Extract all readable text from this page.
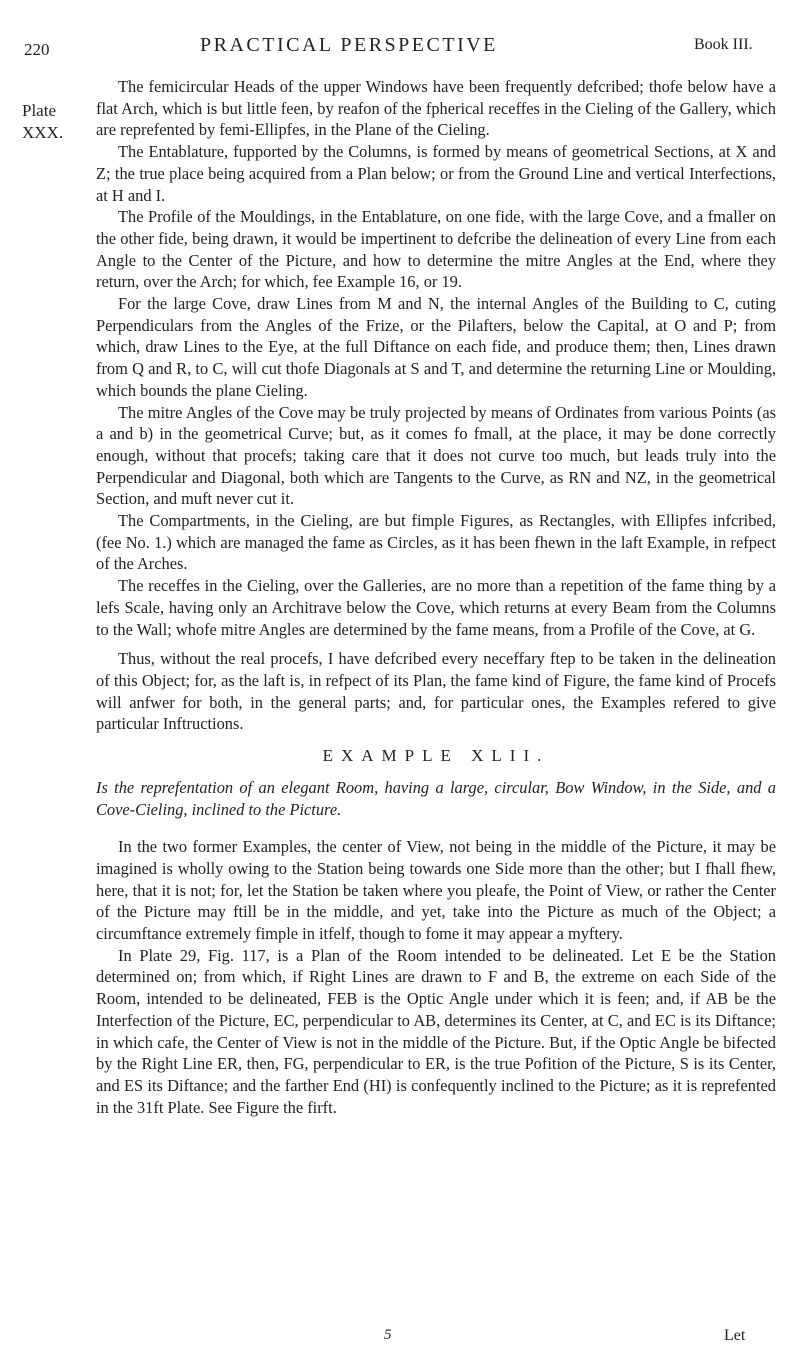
220
Plate
XXX.
PRACTICAL PERSPECTIVE	Book III.

The femicircular Heads of the upper Windows have been frequently defcribed; thofe below have a flat Arch, which is but little feen, by reafon of the fpherical receffes in the Cieling of the Gallery, which are reprefented by femi-Ellipfes, in the Plane of the Cieling.

The Entablature, fupported by the Columns, is formed by means of geometrical Sections, at X and Z; the true place being acquired from a Plan below; or from the Ground Line and vertical Interfections, at H and I.

The Profile of the Mouldings, in the Entablature, on one fide, with the large Cove, and a fmaller on the other fide, being drawn, it would be impertinent to defcribe the delineation of every Line from each Angle to the Center of the Picture, and how to determine the mitre Angles at the End, where they return, over the Arch; for which, fee Example 16, or 19.

For the large Cove, draw Lines from M and N, the internal Angles of the Building to C, cuting Perpendiculars from the Angles of the Frize, or the Pilafters, below the Capital, at O and P; from which, draw Lines to the Eye, at the full Diftance on each fide, and produce them; then, Lines drawn from Q and R, to C, will cut thofe Diagonals at S and T, and determine the returning Line or Moulding, which bounds the plane Cieling.

The mitre Angles of the Cove may be truly projected by means of Ordinates from various Points (as a and b) in the geometrical Curve; but, as it comes fo fmall, at the place, it may be done correctly enough, without that procefs; taking care that it does not curve too much, but leads truly into the Perpendicular and Diagonal, both which are Tangents to the Curve, as RN and NZ, in the geometrical Section, and muft never cut it.

The Compartments, in the Cieling, are but fimple Figures, as Rectangles, with Ellipfes infcribed, (fee No. 1.) which are managed the fame as Circles, as it has been fhewn in the laft Example, in refpect of the Arches.

The receffes in the Cieling, over the Galleries, are no more than a repetition of the fame thing by a lefs Scale, having only an Architrave below the Cove, which returns at every Beam from the Columns to the Wall; whofe mitre Angles are determined by the fame means, from a Profile of the Cove, at G.

Thus, without the real procefs, I have defcribed every neceffary ftep to be taken in the delineation of this Object; for, as the laft is, in refpect of its Plan, the fame kind of Figure, the fame kind of Procefs will anfwer for both, in the general parts; and, for particular ones, the Examples refered to give particular Inftructions.

EXAMPLE XLII.

Is the reprefentation of an elegant Room, having a large, circular, Bow Window, in the Side, and a Cove-Cieling, inclined to the Picture.

In the two former Examples, the center of View, not being in the middle of the Picture, it may be imagined is wholly owing to the Station being towards one Side more than the other; but I fhall fhew, here, that it is not; for, let the Station be taken where you pleafe, the Point of View, or rather the Center of the Picture may ftill be in the middle, and yet, take into the Picture as much of the Object; a circumftance extremely fimple in itfelf, though to fome it may appear a myftery.

In Plate 29, Fig. 117, is a Plan of the Room intended to be delineated. Let E be the Station determined on; from which, if Right Lines are drawn to F and B, the extreme on each Side of the Room, intended to be delineated, FEB is the Optic Angle under which it is feen; and, if AB be the Interfection of the Picture, EC, perpendicular to AB, determines its Center, at C, and EC is its Diftance; in which cafe, the Center of View is not in the middle of the Picture. But, if the Optic Angle be bifected by the Right Line ER, then, FG, perpendicular to ER, is the true Pofition of the Picture, S is its Center, and ES its Diftance; and the farther End (HI) is confequently inclined to the Picture; as it is reprefented in the 31ft Plate. See Figure the firft.

5	Let
